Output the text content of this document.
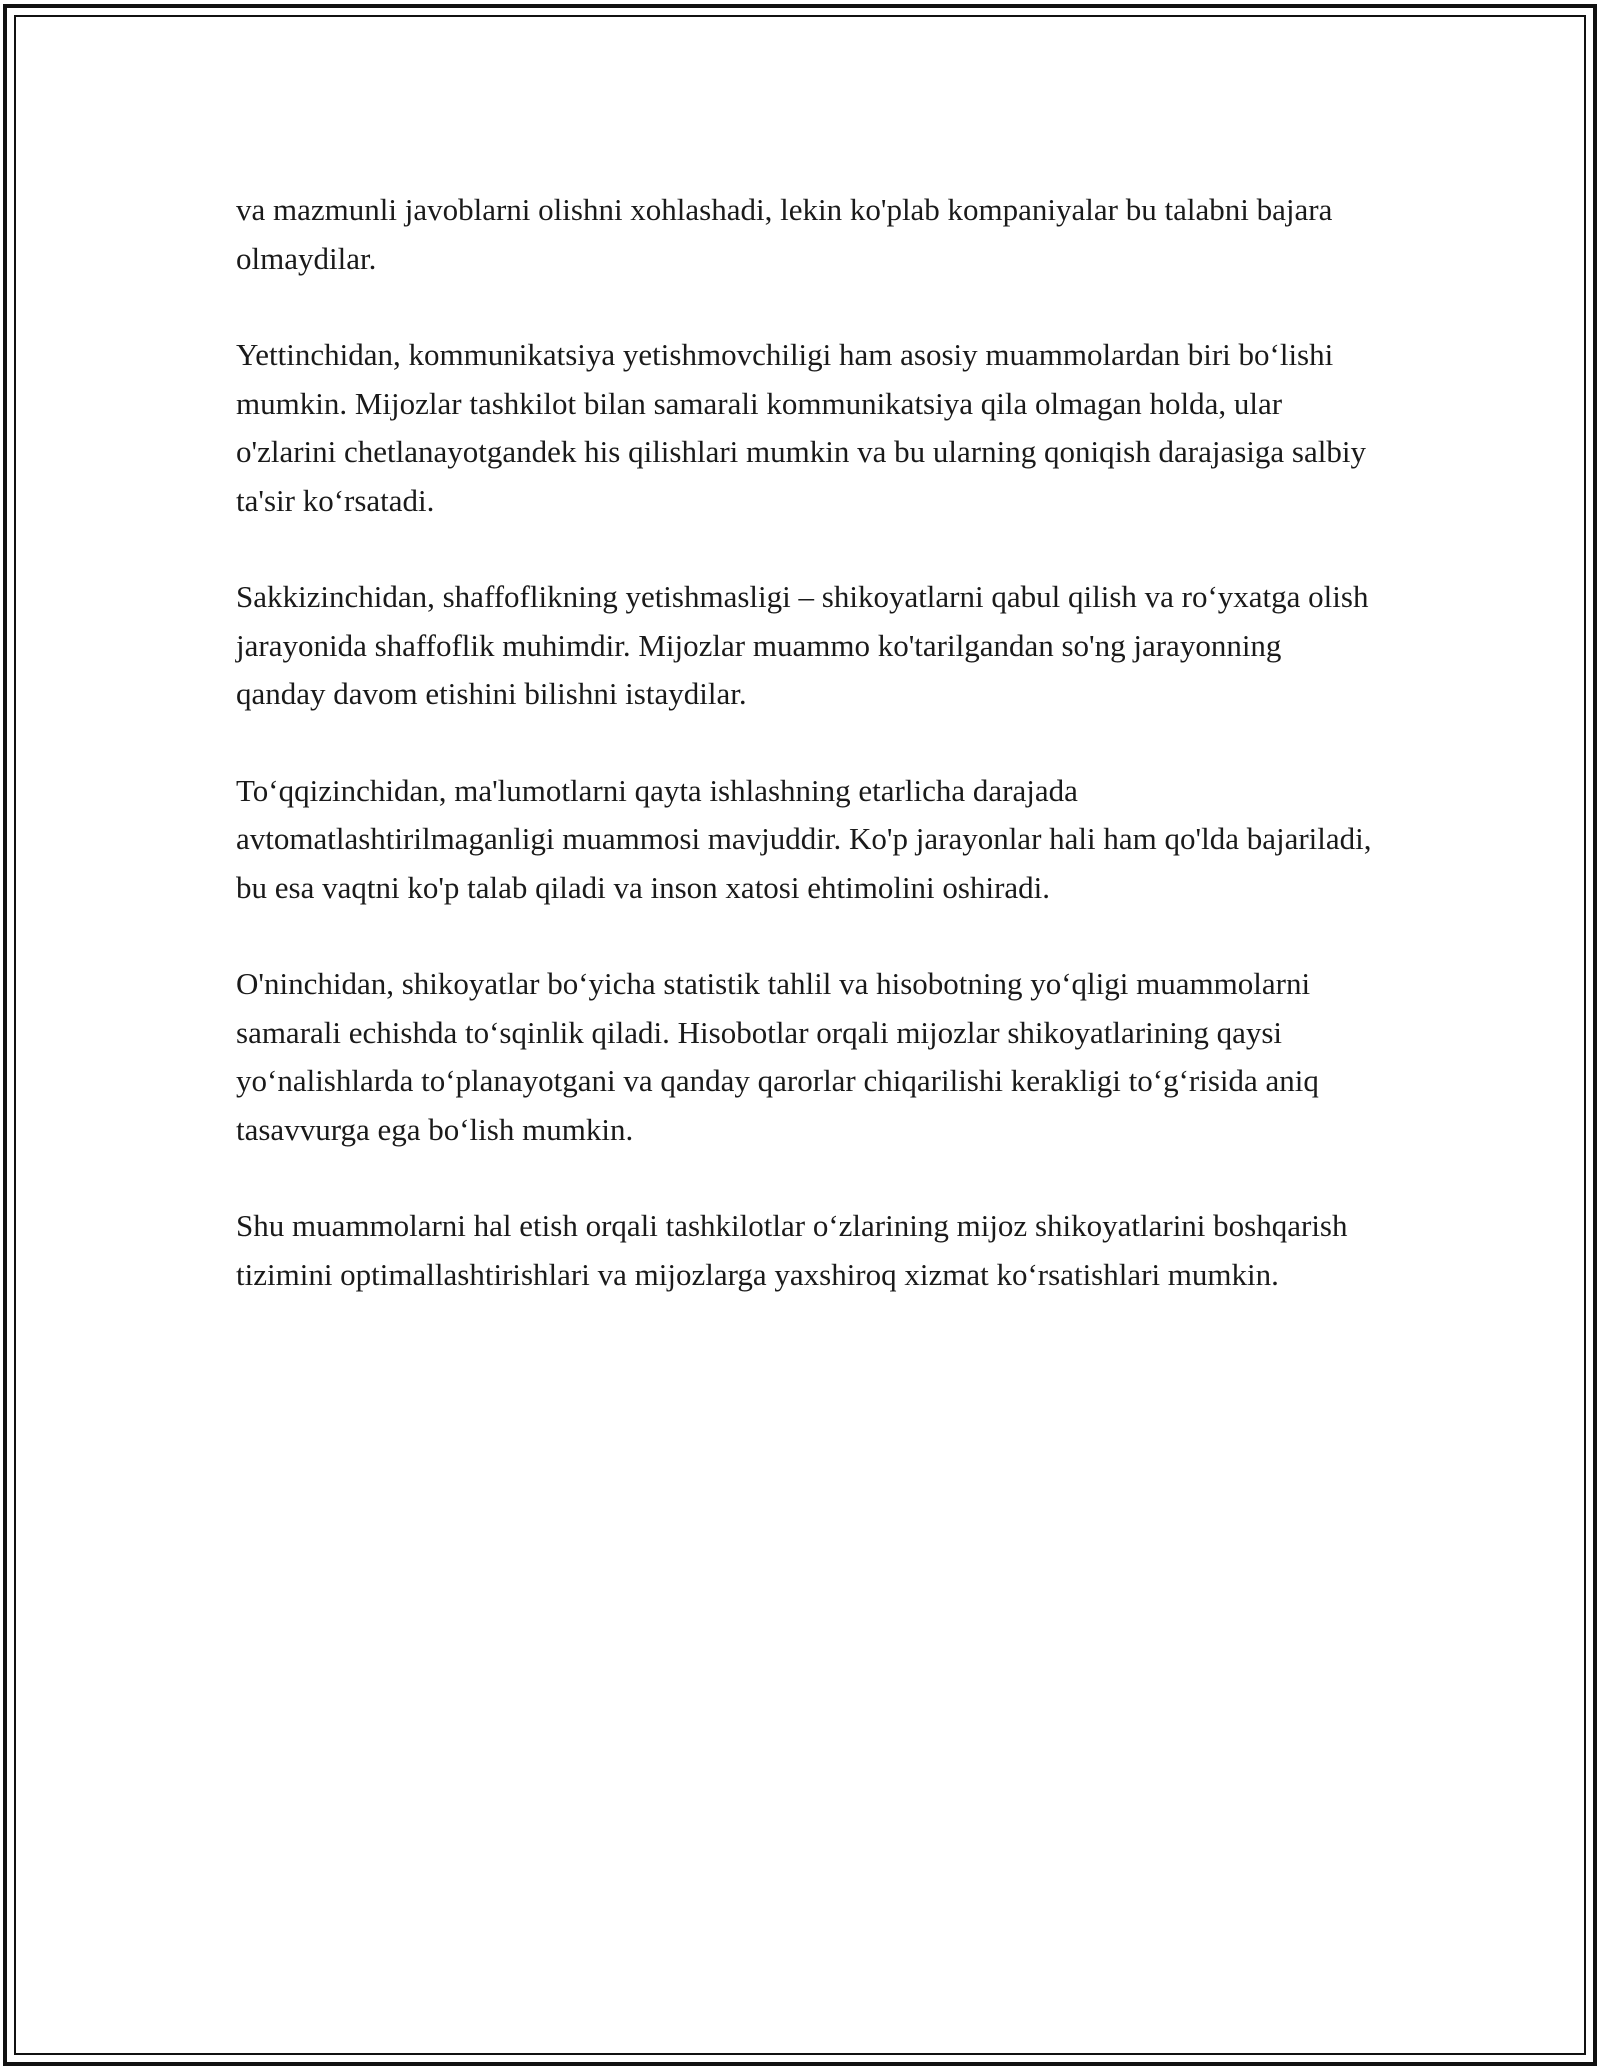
va mazmunli javoblarni olishni xohlashadi, lekin ko'plab kompaniyalar bu talabni bajara olmaydilar.

Yettinchidan, kommunikatsiya yetishmovchiligi ham asosiy muammolardan biri bo‘lishi mumkin. Mijozlar tashkilot bilan samarali kommunikatsiya qila olmagan holda, ular o'zlarini chetlanayotgandek his qilishlari mumkin va bu ularning qoniqish darajasiga salbiy ta'sir ko‘rsatadi.

Sakkizinchidan, shaffoflikning yetishmasligi – shikoyatlarni qabul qilish va ro‘yxatga olish jarayonida shaffoflik muhimdir. Mijozlar muammo ko'tarilgandan so'ng jarayonning qanday davom etishini bilishni istaydilar.

To‘qqizinchidan, ma'lumotlarni qayta ishlashning etarlicha darajada avtomatlashtirilmaganligi muammosi mavjuddir. Ko'p jarayonlar hali ham qo'lda bajariladi, bu esa vaqtni ko'p talab qiladi va inson xatosi ehtimolini oshiradi.

O'ninchidan, shikoyatlar bo‘yicha statistik tahlil va hisobotning yo‘qligi muammolarni samarali echishda to‘sqinlik qiladi. Hisobotlar orqali mijozlar shikoyatlarining qaysi yo‘nalishlarda to‘planayotgani va qanday qarorlar chiqarilishi kerakligi to‘g‘risida aniq tasavvurga ega bo‘lish mumkin.

Shu muammolarni hal etish orqali tashkilotlar o‘zlarining mijoz shikoyatlarini boshqarish tizimini optimallashtirishlari va mijozlarga yaxshiroq xizmat ko‘rsatishlari mumkin.
